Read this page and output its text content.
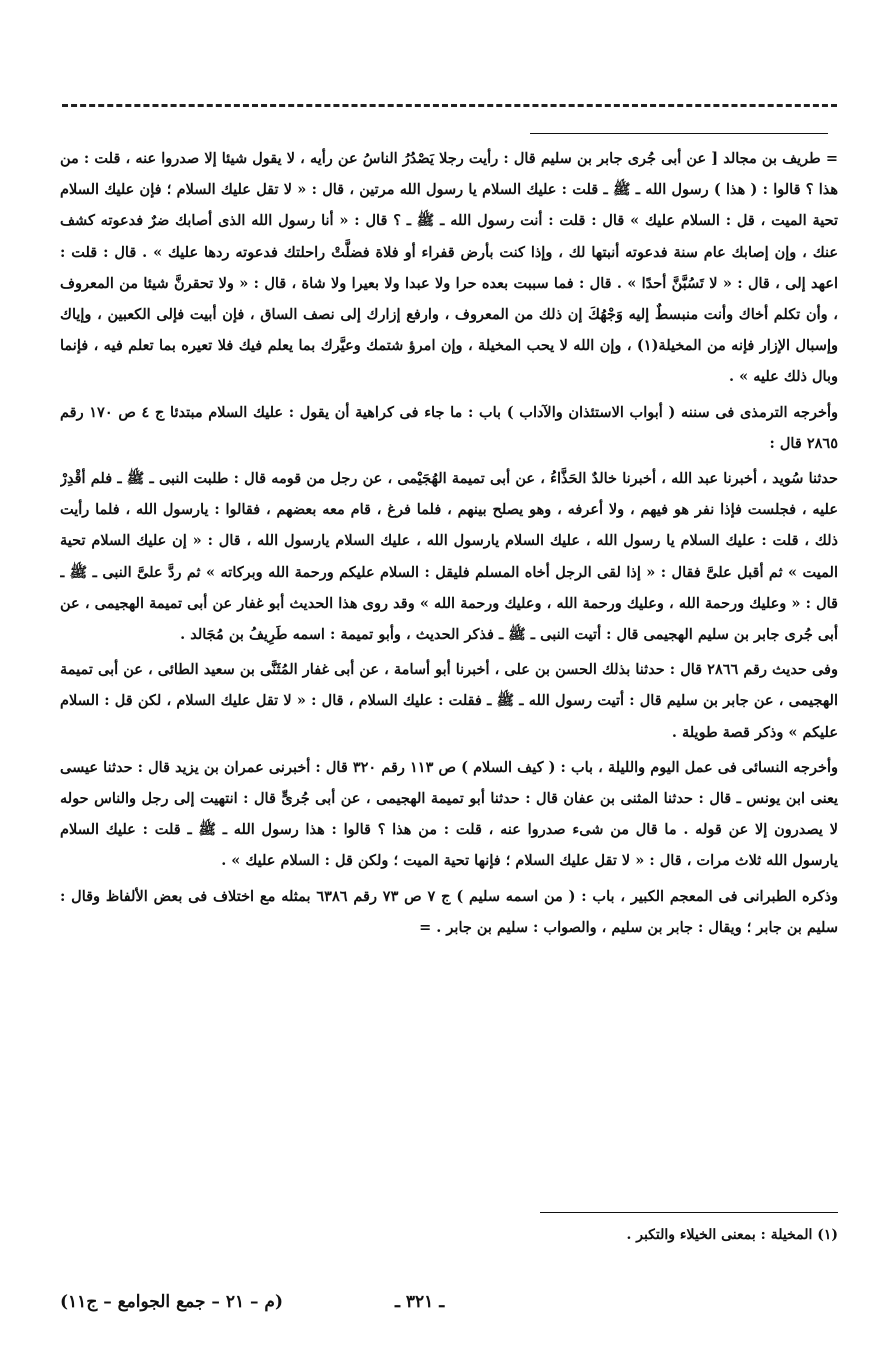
= طريف بن مجالد [ عن أبى جُرى جابر بن سليم قال : رأيت رجلا يَصْدُرُ الناسُ عن رأيه ، لا يقول شيئا إلا صدروا عنه ، قلت : من هذا ؟ قالوا : ( هذا ) رسول الله ـ ﷺ ـ قلت : عليك السلام يا رسول الله مرتين ، قال : « لا تقل عليك السلام ؛ فإن عليك السلام تحية الميت ، قل : السلام عليك » قال : قلت : أنت رسول الله ـ ﷺ ـ ؟ قال : « أنا رسول الله الذى أصابك ضرٌ فدعوته كشف عنك ، وإن إصابك عام سنة فدعوته أنبتها لك ، وإذا كنت بأرض قفراء أو فلاة فضلَّتْ راحلتك فدعوته ردها عليك » . قال : قلت : اعهد إلى ، قال : « لا تَسُبَّنَّ أحدًا » . قال : فما سببت بعده حرا ولا عبدا ولا بعيرا ولا شاة ، قال : « ولا تحقرنَّ شيئا من المعروف ، وأن تكلم أخاك وأنت منبسطٌ إليه وَجْهُكَ إن ذلك من المعروف ، وارفع إزارك إلى نصف الساق ، فإن أبيت فإلى الكعبين ، وإياك وإسبال الإزار فإنه من المخيلة(١) ، وإن الله لا يحب المخيلة ، وإن امرؤ شتمك وعيَّرك بما يعلم فيك فلا تعيره بما تعلم فيه ، فإنما وبال ذلك عليه » .

وأخرجه الترمذى فى سننه ( أبواب الاستئذان والآداب ) باب : ما جاء فى كراهية أن يقول : عليك السلام مبتدئا ج ٤ ص ١٧٠ رقم ٢٨٦٥ قال :

حدثنا سُويد ، أخبرنا عبد الله ، أخبرنا خالدٌ الحَذَّاءُ ، عن أبى تميمة الهُجَيْمى ، عن رجل من قومه قال : طلبت النبى ـ ﷺ ـ فلم أقْدِرْ عليه ، فجلست فإذا نفر هو فيهم ، ولا أعرفه ، وهو يصلح بينهم ، فلما فرغ ، قام معه بعضهم ، فقالوا : يارسول الله ، فلما رأيت ذلك ، قلت : عليك السلام يا رسول الله ، عليك السلام يارسول الله ، عليك السلام يارسول الله ، قال : « إن عليك السلام تحية الميت » ثم أقبل علىَّ فقال : « إذا لقى الرجل أخاه المسلم فليقل : السلام عليكم ورحمة الله وبركاته » ثم ردَّ علىَّ النبى ـ ﷺ ـ قال : « وعليك ورحمة الله ، وعليك ورحمة الله ، وعليك ورحمة الله » وقد روى هذا الحديث أبو غفار عن أبى تميمة الهجيمى ، عن أبى جُرى جابر بن سليم الهجيمى قال : أتيت النبى ـ ﷺ ـ فذكر الحديث ، وأبو تميمة : اسمه طَرِيفُ بن مُجَالد .

وفى حديث رقم ٢٨٦٦ قال : حدثنا بذلك الحسن بن على ، أخبرنا أبو أسامة ، عن أبى غفار المُثَنَّى بن سعيد الطائى ، عن أبى تميمة الهجيمى ، عن جابر بن سليم قال : أتيت رسول الله ـ ﷺ ـ فقلت : عليك السلام ، قال : « لا تقل عليك السلام ، لكن قل : السلام عليكم » وذكر قصة طويلة .

وأخرجه النسائى فى عمل اليوم والليلة ، باب : ( كيف السلام ) ص ١١٣ رقم ٣٢٠ قال : أخبرنى عمران بن يزيد قال : حدثنا عيسى يعنى ابن يونس ـ قال : حدثنا المثنى بن عفان قال : حدثنا أبو تميمة الهجيمى ، عن أبى جُرىٍّ قال : انتهيت إلى رجل والناس حوله لا يصدرون إلا عن قوله . ما قال من شىء صدروا عنه ، قلت : من هذا ؟ قالوا : هذا رسول الله ـ ﷺ ـ قلت : عليك السلام يارسول الله ثلاث مرات ، قال : « لا تقل عليك السلام ؛ فإنها تحية الميت ؛ ولكن قل : السلام عليك » .

وذكره الطبرانى فى المعجم الكبير ، باب : ( من اسمه سليم ) ج ٧ ص ٧٣ رقم ٦٣٨٦ بمثله مع اختلاف فى بعض الألفاظ وقال : سليم بن جابر ؛ ويقال : جابر بن سليم ، والصواب : سليم بن جابر . =

(١) المخيلة : بمعنى الخيلاء والتكبر .
ـ ٣٢١ ـ
(م – ٢١ – جمع الجوامع – ج١١)
